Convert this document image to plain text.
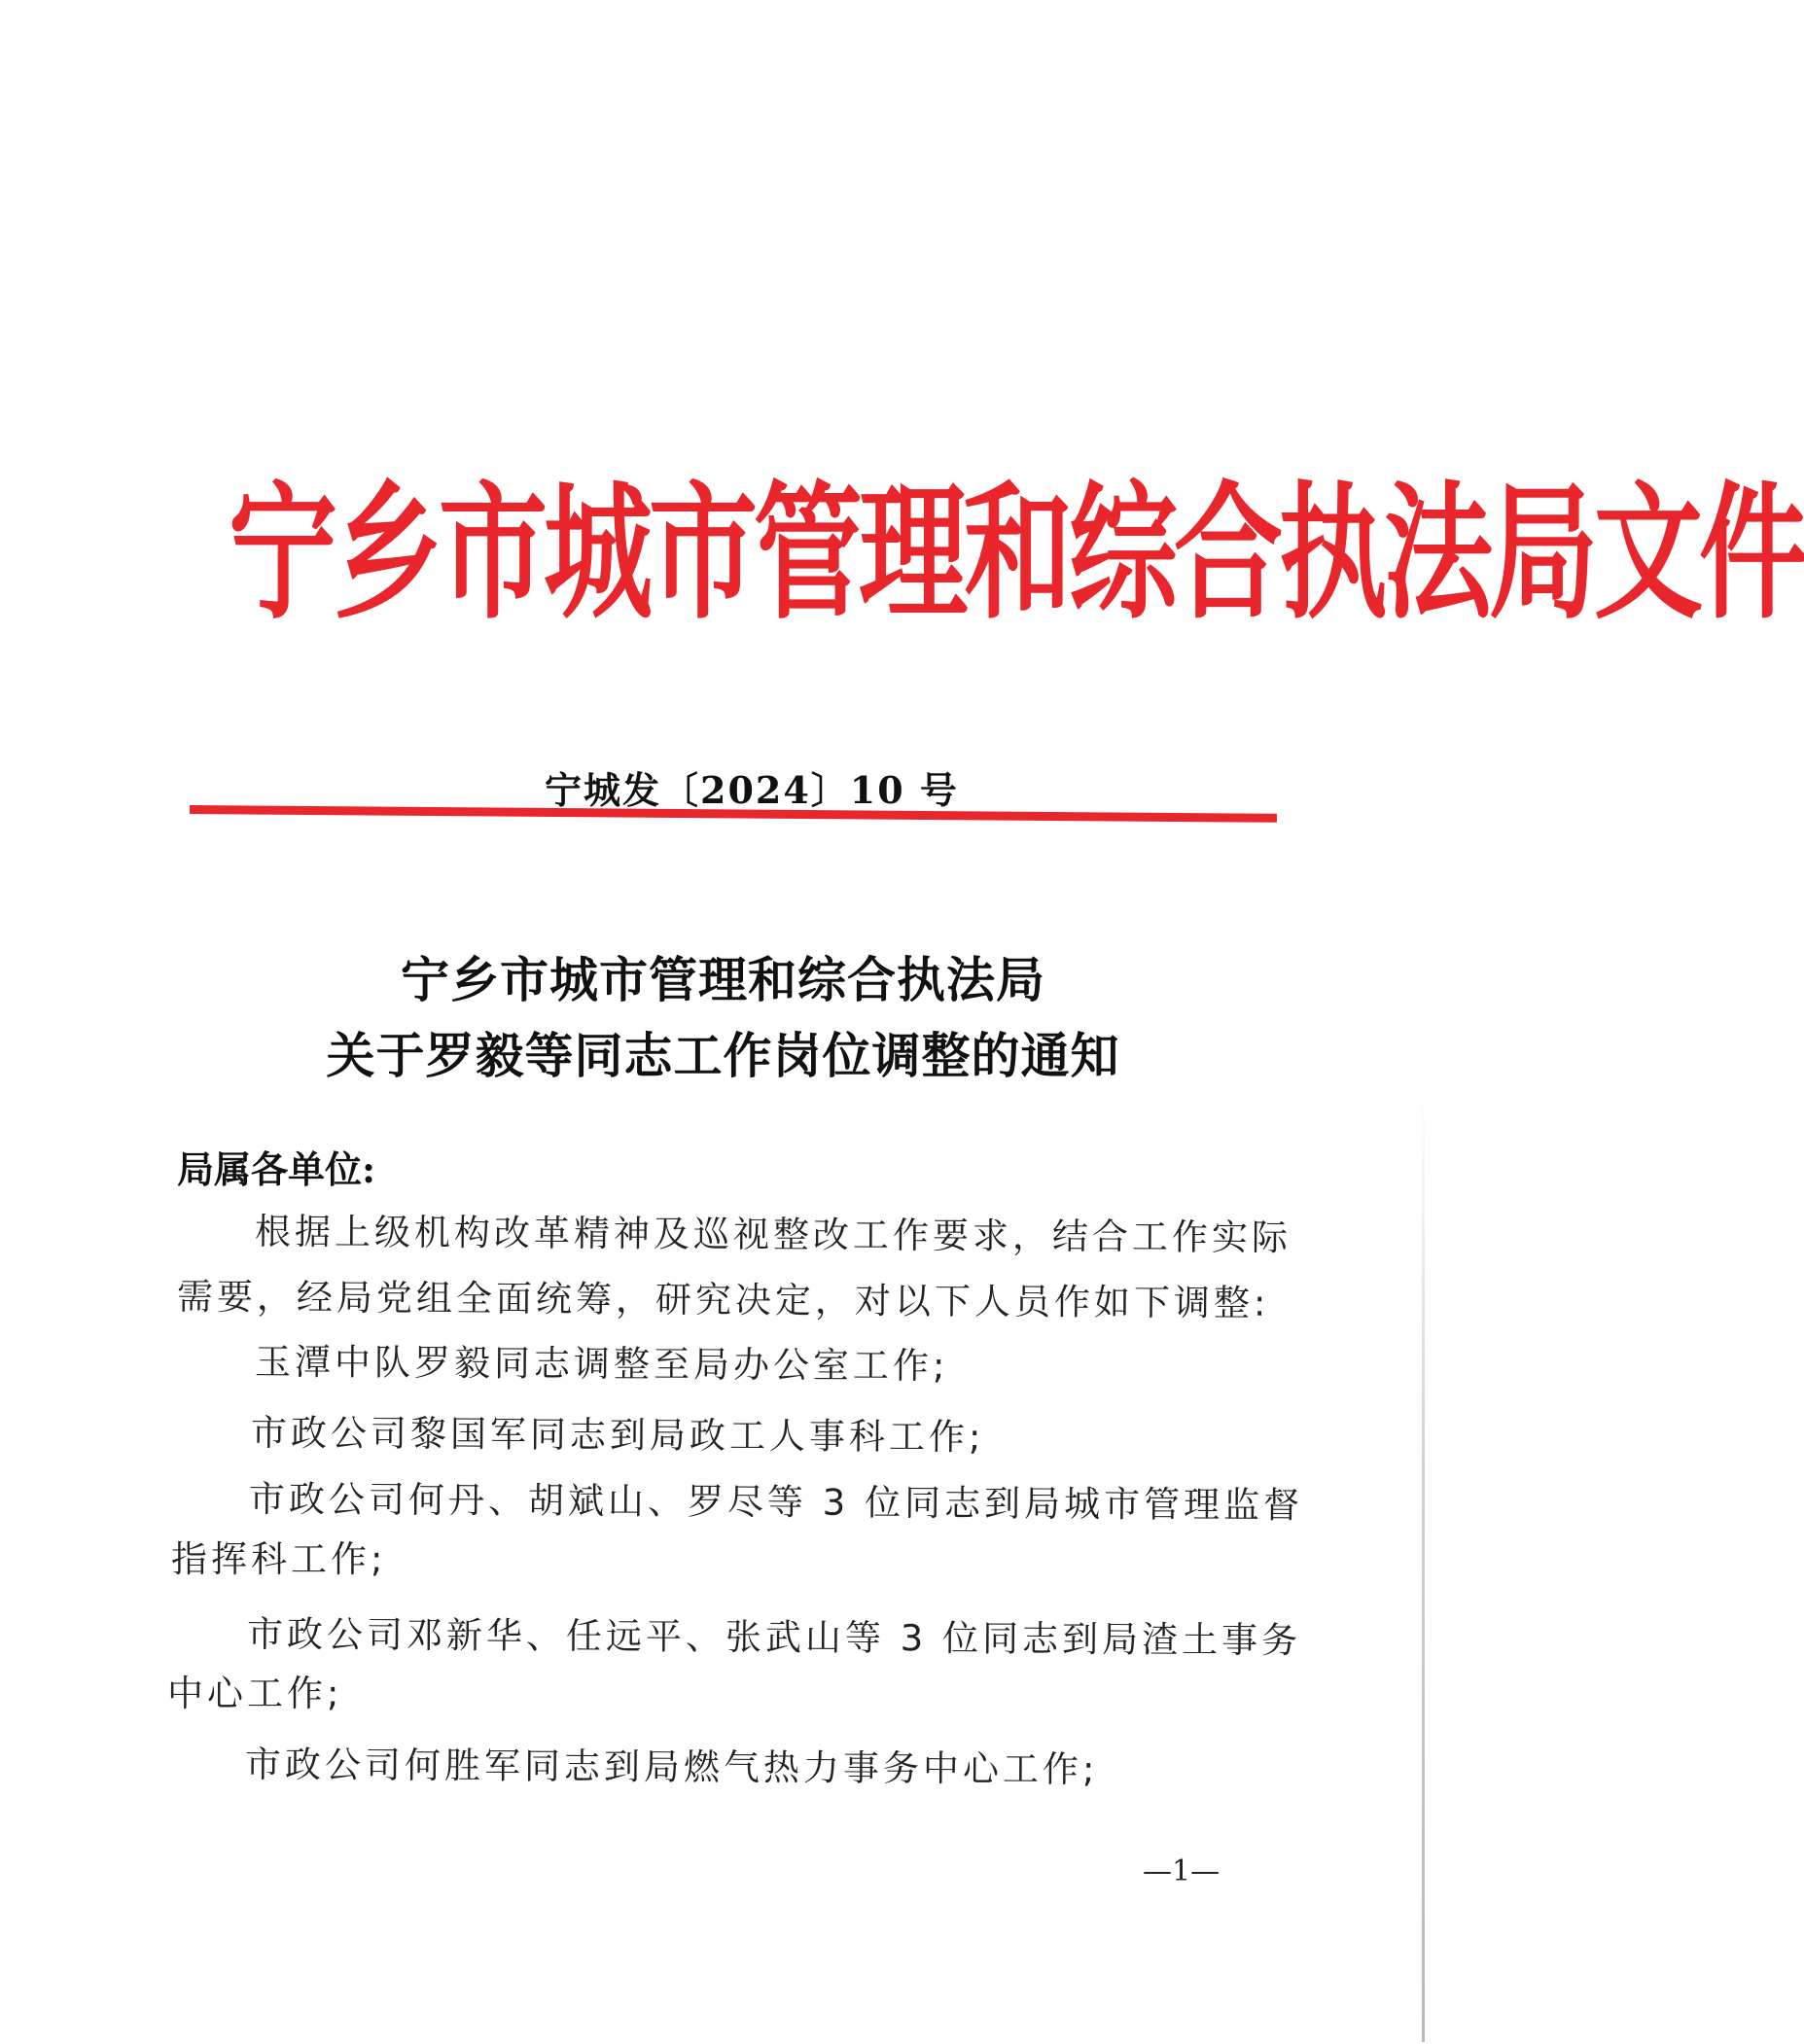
宁乡市城市管理和综合执法局文件
宁城发〔2024〕10 号
宁乡市城市管理和综合执法局
关于罗毅等同志工作岗位调整的通知
局属各单位:
根据上级机构改革精神及巡视整改工作要求，结合工作实际
需要，经局党组全面统筹，研究决定，对以下人员作如下调整:
玉潭中队罗毅同志调整至局办公室工作;
市政公司黎国军同志到局政工人事科工作;
市政公司何丹、胡斌山、罗尽等 3 位同志到局城市管理监督
指挥科工作;
市政公司邓新华、任远平、张武山等 3 位同志到局渣土事务
中心工作;
市政公司何胜军同志到局燃气热力事务中心工作;
—1—
